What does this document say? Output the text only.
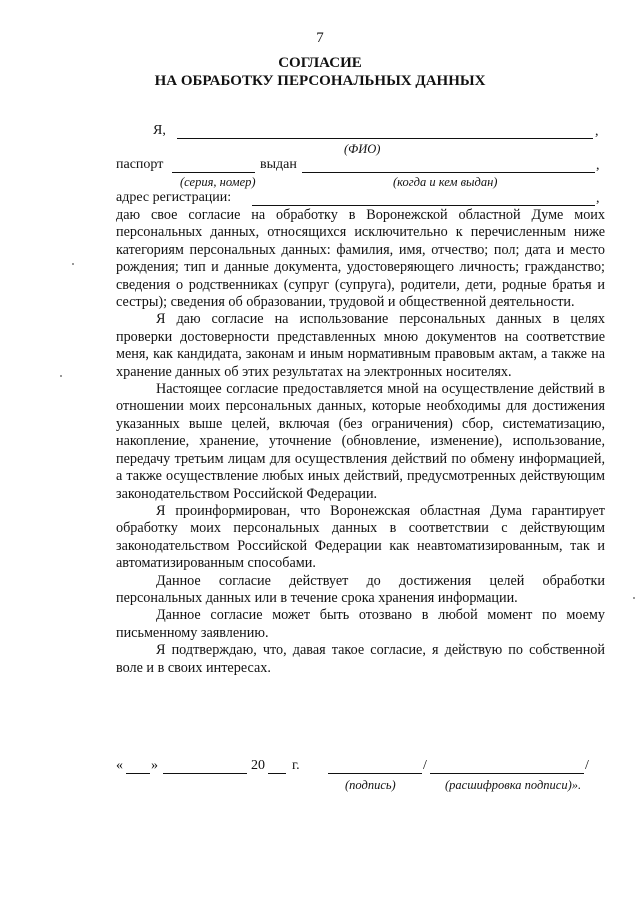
7
СОГЛАСИЕ
НА ОБРАБОТКУ ПЕРСОНАЛЬНЫХ ДАННЫХ
Я,	,
(ФИО)
паспорт	выдан	,
(серия, номер)	(когда и кем выдан)
адрес регистрации:	,

даю свое согласие на обработку в Воронежской областной Думе моих персональных данных, относящихся исключительно к перечисленным ниже категориям персональных данных: фамилия, имя, отчество; пол; дата и место рождения; тип и данные документа, удостоверяющего личность; гражданство; сведения о родственниках (супруг (супруга), родители, дети, родные братья и сестры); сведения об образовании, трудовой и общественной деятельности.

Я даю согласие на использование персональных данных в целях проверки достоверности представленных мною документов на соответствие меня, как кандидата, законам и иным нормативным правовым актам, а также на хранение данных об этих результатах на электронных носителях.

Настоящее согласие предоставляется мной на осуществление действий в отношении моих персональных данных, которые необходимы для достижения указанных выше целей, включая (без ограничения) сбор, систематизацию, накопление, хранение, уточнение (обновление, изменение), использование, передачу третьим лицам для осуществления действий по обмену информацией, а также осуществление любых иных действий, предусмотренных действующим законодательством Российской Федерации.

Я проинформирован, что Воронежская областная Дума гарантирует обработку моих персональных данных в соответствии с действующим законодательством Российской Федерации как неавтоматизированным, так и автоматизированным способами.

Данное согласие действует до достижения целей обработки персональных данных или в течение срока хранения информации.

Данное согласие может быть отозвано в любой момент по моему письменному заявлению.

Я подтверждаю, что, давая такое согласие, я действую по собственной воле и в своих интересах.

« »	20 г.	/	/
(подпись)	(расшифровка подписи)».
